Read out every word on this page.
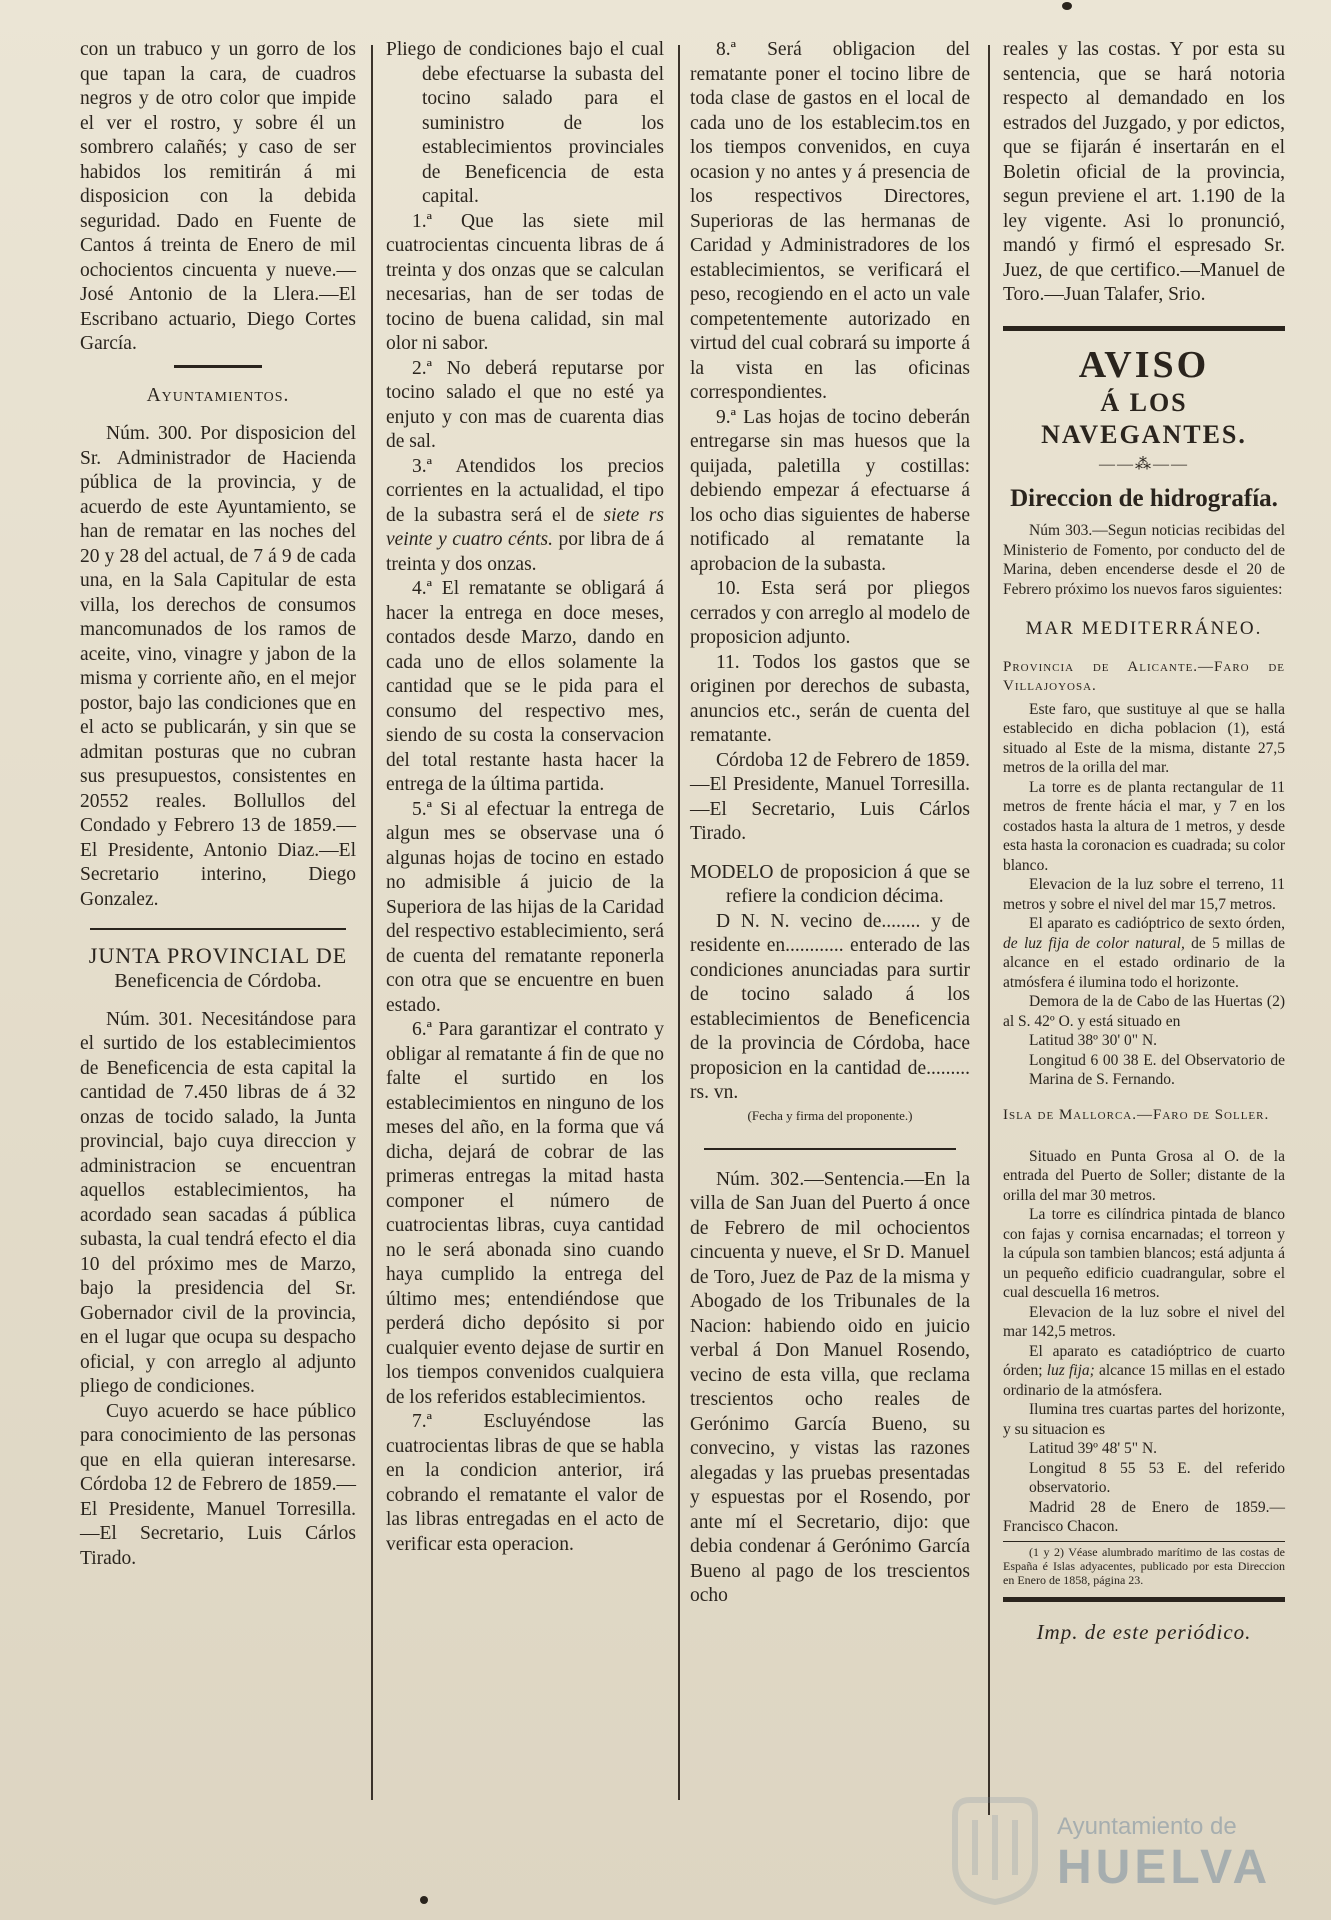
con un trabuco y un gorro de los que tapan la cara, de cuadros negros y de otro color que impide el ver el rostro, y sobre él un sombrero calañés; y caso de ser habidos los remitirán á mi disposicion con la debida seguridad. Dado en Fuente de Cantos á treinta de Enero de mil ochocientos cincuenta y nueve.—José Antonio de la Llera.—El Escribano actuario, Diego Cortes García.

Ayuntamientos.

Núm. 300. Por disposicion del Sr. Administrador de Hacienda pública de la provincia, y de acuerdo de este Ayuntamiento, se han de rematar en las noches del 20 y 28 del actual, de 7 á 9 de cada una, en la Sala Capitular de esta villa, los derechos de consumos mancomunados de los ramos de aceite, vino, vinagre y jabon de la misma y corriente año, en el mejor postor, bajo las condiciones que en el acto se publicarán, y sin que se admitan posturas que no cubran sus presupuestos, consistentes en 20552 reales. Bollullos del Condado y Febrero 13 de 1859.—El Presidente, Antonio Diaz.—El Secretario interino, Diego Gonzalez.

JUNTA PROVINCIAL DE

Beneficencia de Córdoba.

Núm. 301. Necesitándose para el surtido de los establecimientos de Beneficencia de esta capital la cantidad de 7.450 libras de á 32 onzas de tocido salado, la Junta provincial, bajo cuya direccion y administracion se encuentran aquellos establecimientos, ha acordado sean sacadas á pública subasta, la cual tendrá efecto el dia 10 del próximo mes de Marzo, bajo la presidencia del Sr. Gobernador civil de la provincia, en el lugar que ocupa su despacho oficial, y con arreglo al adjunto pliego de condiciones.

Cuyo acuerdo se hace público para conocimiento de las personas que en ella quieran interesarse. Córdoba 12 de Febrero de 1859.—El Presidente, Manuel Torresilla.—El Secretario, Luis Cárlos Tirado.

Pliego de condiciones bajo el cual debe efectuarse la subasta del tocino salado para el suministro de los establecimientos provinciales de Beneficencia de esta capital.

1.ª Que las siete mil cuatrocientas cincuenta libras de á treinta y dos onzas que se calculan necesarias, han de ser todas de tocino de buena calidad, sin mal olor ni sabor.

2.ª No deberá reputarse por tocino salado el que no esté ya enjuto y con mas de cuarenta dias de sal.

3.ª Atendidos los precios corrientes en la actualidad, el tipo de la subastra será el de siete rs veinte y cuatro cénts. por libra de á treinta y dos onzas.

4.ª El rematante se obligará á hacer la entrega en doce meses, contados desde Marzo, dando en cada uno de ellos solamente la cantidad que se le pida para el consumo del respectivo mes, siendo de su costa la conservacion del total restante hasta hacer la entrega de la última partida.

5.ª Si al efectuar la entrega de algun mes se observase una ó algunas hojas de tocino en estado no admisible á juicio de la Superiora de las hijas de la Caridad del respectivo establecimiento, será de cuenta del rematante reponerla con otra que se encuentre en buen estado.

6.ª Para garantizar el contrato y obligar al rematante á fin de que no falte el surtido en los establecimientos en ninguno de los meses del año, en la forma que vá dicha, dejará de cobrar de las primeras entregas la mitad hasta componer el número de cuatrocientas libras, cuya cantidad no le será abonada sino cuando haya cumplido la entrega del último mes; entendiéndose que perderá dicho depósito si por cualquier evento dejase de surtir en los tiempos convenidos cualquiera de los referidos establecimientos.

7.ª Escluyéndose las cuatrocientas libras de que se habla en la condicion anterior, irá cobrando el rematante el valor de las libras entregadas en el acto de verificar esta operacion.

8.ª Será obligacion del rematante poner el tocino libre de toda clase de gastos en el local de cada uno de los establecim.tos en los tiempos convenidos, en cuya ocasion y no antes y á presencia de los respectivos Directores, Superioras de las hermanas de Caridad y Administradores de los establecimientos, se verificará el peso, recogiendo en el acto un vale competentemente autorizado en virtud del cual cobrará su importe á la vista en las oficinas correspondientes.

9.ª Las hojas de tocino deberán entregarse sin mas huesos que la quijada, paletilla y costillas: debiendo empezar á efectuarse á los ocho dias siguientes de haberse notificado al rematante la aprobacion de la subasta.

10. Esta será por pliegos cerrados y con arreglo al modelo de proposicion adjunto.

11. Todos los gastos que se originen por derechos de subasta, anuncios etc., serán de cuenta del rematante.

Córdoba 12 de Febrero de 1859.—El Presidente, Manuel Torresilla.—El Secretario, Luis Cárlos Tirado.

MODELO de proposicion á que se refiere la condicion décima.

D N. N. vecino de........ y de residente en............ enterado de las condiciones anunciadas para surtir de tocino salado á los establecimientos de Beneficencia de la provincia de Córdoba, hace proposicion en la cantidad de......... rs. vn.

(Fecha y firma del proponente.)

Núm. 302.—Sentencia.—En la villa de San Juan del Puerto á once de Febrero de mil ochocientos cincuenta y nueve, el Sr D. Manuel de Toro, Juez de Paz de la misma y Abogado de los Tribunales de la Nacion: habiendo oido en juicio verbal á Don Manuel Rosendo, vecino de esta villa, que reclama trescientos ocho reales de Gerónimo García Bueno, su convecino, y vistas las razones alegadas y las pruebas presentadas y espuestas por el Rosendo, por ante mí el Secretario, dijo: que debia condenar á Gerónimo García Bueno al pago de los trescientos ocho

reales y las costas. Y por esta su sentencia, que se hará notoria respecto al demandado en los estrados del Juzgado, y por edictos, que se fijarán é insertarán en el Boletin oficial de la provincia, segun previene el art. 1.190 de la ley vigente. Asi lo pronunció, mandó y firmó el espresado Sr. Juez, de que certifico.—Manuel de Toro.—Juan Talafer, Srio.

AVISO

Á LOS NAVEGANTES.

——⁂——

Direccion de hidrografía.

Núm 303.—Segun noticias recibidas del Ministerio de Fomento, por conducto del de Marina, deben encenderse desde el 20 de Febrero próximo los nuevos faros siguientes:

MAR MEDITERRÁNEO.

Provincia de Alicante.—Faro de Villajoyosa.

Este faro, que sustituye al que se halla establecido en dicha poblacion (1), está situado al Este de la misma, distante 27,5 metros de la orilla del mar.

La torre es de planta rectangular de 11 metros de frente hácia el mar, y 7 en los costados hasta la altura de 1 metros, y desde esta hasta la coronacion es cuadrada; su color blanco.

Elevacion de la luz sobre el terreno, 11 metros y sobre el nivel del mar 15,7 metros.

El aparato es cadióptrico de sexto órden, de luz fija de color natural, de 5 millas de alcance en el estado ordinario de la atmósfera é ilumina todo el horizonte.

Demora de la de Cabo de las Huertas (2) al S. 42º O. y está situado en

Latitud 38º 30' 0" N.

Longitud 6 00 38 E. del Observatorio de Marina de S. Fernando.

Isla de Mallorca.—Faro de Soller.

Situado en Punta Grosa al O. de la entrada del Puerto de Soller; distante de la orilla del mar 30 metros.

La torre es cilíndrica pintada de blanco con fajas y cornisa encarnadas; el torreon y la cúpula son tambien blancos; está adjunta á un pequeño edificio cuadrangular, sobre el cual descuella 16 metros.

Elevacion de la luz sobre el nivel del mar 142,5 metros.

El aparato es catadióptrico de cuarto órden; luz fija; alcance 15 millas en el estado ordinario de la atmósfera.

Ilumina tres cuartas partes del horizonte, y su situacion es

Latitud 39º 48' 5" N.

Longitud 8 55 53 E. del referido observatorio.

Madrid 28 de Enero de 1859.—Francisco Chacon.

(1 y 2) Véase alumbrado marítimo de las costas de España é Islas adyacentes, publicado por esta Direccion en Enero de 1858, página 23.

Imp. de este periódico.

Ayuntamiento de
HUELVA
